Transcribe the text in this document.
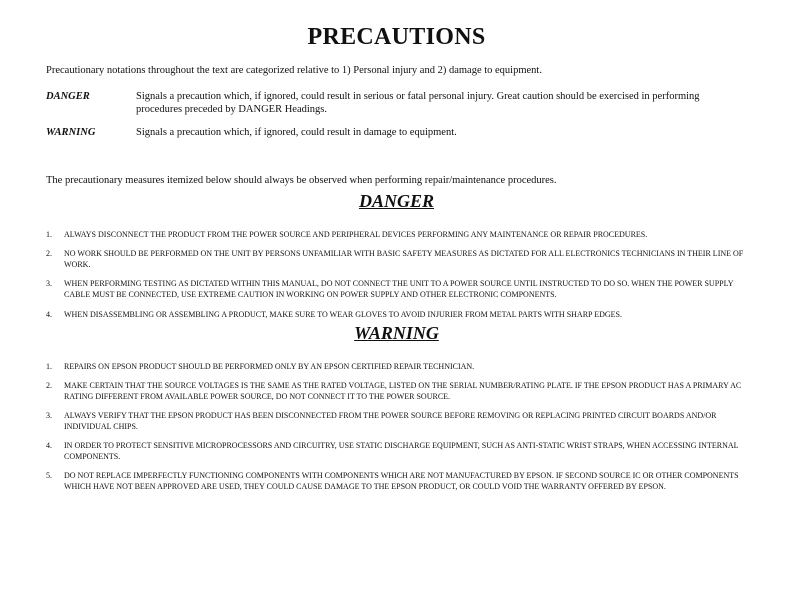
PRECAUTIONS
Precautionary notations throughout the text are categorized relative to 1) Personal injury and 2) damage to equipment.
DANGER	Signals a precaution which, if ignored, could result in serious or fatal personal injury. Great caution should be exercised in performing procedures preceded by DANGER Headings.
WARNING	Signals a precaution which, if ignored, could result in damage to equipment.
The precautionary measures itemized below should always be observed when performing repair/maintenance procedures.
DANGER
1.	ALWAYS DISCONNECT THE PRODUCT FROM THE POWER SOURCE AND PERIPHERAL DEVICES PERFORMING ANY MAINTENANCE OR REPAIR PROCEDURES.
2.	NO WORK SHOULD BE PERFORMED ON THE UNIT BY PERSONS UNFAMILIAR WITH BASIC SAFETY MEASURES AS DICTATED FOR ALL ELECTRONICS TECHNICIANS IN THEIR LINE OF WORK.
3.	WHEN PERFORMING TESTING AS DICTATED WITHIN THIS MANUAL, DO NOT CONNECT THE UNIT TO A POWER SOURCE UNTIL INSTRUCTED TO DO SO. WHEN THE POWER SUPPLY CABLE MUST BE CONNECTED, USE EXTREME CAUTION IN WORKING ON POWER SUPPLY AND OTHER ELECTRONIC COMPONENTS.
4.	WHEN DISASSEMBLING OR ASSEMBLING A PRODUCT, MAKE SURE TO WEAR GLOVES TO AVOID INJURIER FROM METAL PARTS WITH SHARP EDGES.
WARNING
1.	REPAIRS ON EPSON PRODUCT SHOULD BE PERFORMED ONLY BY AN EPSON CERTIFIED REPAIR TECHNICIAN.
2.	MAKE CERTAIN THAT THE SOURCE VOLTAGES IS THE SAME AS THE RATED VOLTAGE, LISTED ON THE SERIAL NUMBER/RATING PLATE. IF THE EPSON PRODUCT HAS A PRIMARY AC RATING DIFFERENT FROM AVAILABLE POWER SOURCE, DO NOT CONNECT IT TO THE POWER SOURCE.
3.	ALWAYS VERIFY THAT THE EPSON PRODUCT HAS BEEN DISCONNECTED FROM THE POWER SOURCE BEFORE REMOVING OR REPLACING PRINTED CIRCUIT BOARDS AND/OR INDIVIDUAL CHIPS.
4.	IN ORDER TO PROTECT SENSITIVE MICROPROCESSORS AND CIRCUITRY, USE STATIC DISCHARGE EQUIPMENT, SUCH AS ANTI-STATIC WRIST STRAPS, WHEN ACCESSING INTERNAL COMPONENTS.
5.	DO NOT REPLACE IMPERFECTLY FUNCTIONING COMPONENTS WITH COMPONENTS WHICH ARE NOT MANUFACTURED BY EPSON. IF SECOND SOURCE IC OR OTHER COMPONENTS WHICH HAVE NOT BEEN APPROVED ARE USED, THEY COULD CAUSE DAMAGE TO THE EPSON PRODUCT, OR COULD VOID THE WARRANTY OFFERED BY EPSON.
